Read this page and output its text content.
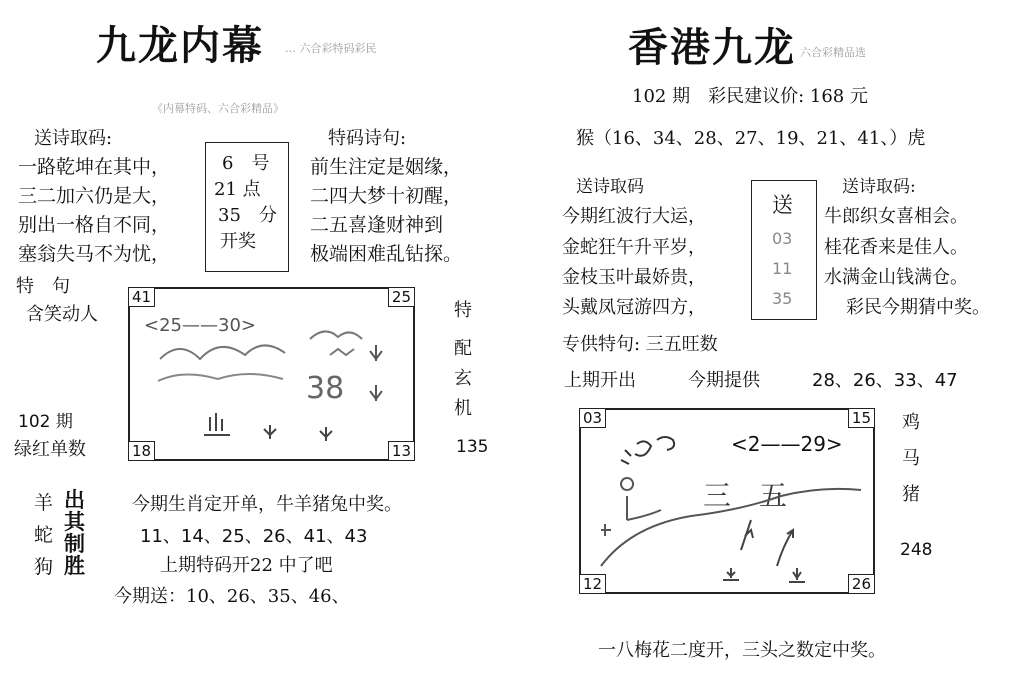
九龙内幕 … 六合彩特码彩民
《内幕特码、六合彩精品》
送诗取码:	特码诗句:
一路乾坤在其中，
三二加六仍是大，
别出一格自不同，
塞翁失马不为忧，
6　号
21 点
35　分
开奖
前生注定是姻缘，
二四大梦十初醒，
二五喜逢财神到
极端困难乱钻探。
特　句
含笑动人
102 期
绿红单数
41	25
18	13
<25——30>
38
特
配
玄
机
135
羊
蛇
狗
出
其
制
胜
今期生肖定开单，牛羊猪兔中奖。
11、14、25、26、41、43
上期特码开22 中了吧
今期送：10、26、35、46、
香港九龙 六合彩精品选
102 期　彩民建议价: 168 元
猴（16、34、28、27、19、21、41、）虎
送诗取码	送诗取码:
今期红波行大运，
金蛇狂午升平岁，
金枝玉叶最娇贵，
头戴凤冠游四方，
送
03
11
35
牛郎织女喜相会。
桂花香来是佳人。
水满金山钱满仓。
彩民今期猜中奖。
专供特句: 三五旺数
上期开出	今期提供	28、26、33、47
03	15
12	26
<2——29>
三　五
鸡
马
猪
248
一八梅花二度开，三头之数定中奖。
